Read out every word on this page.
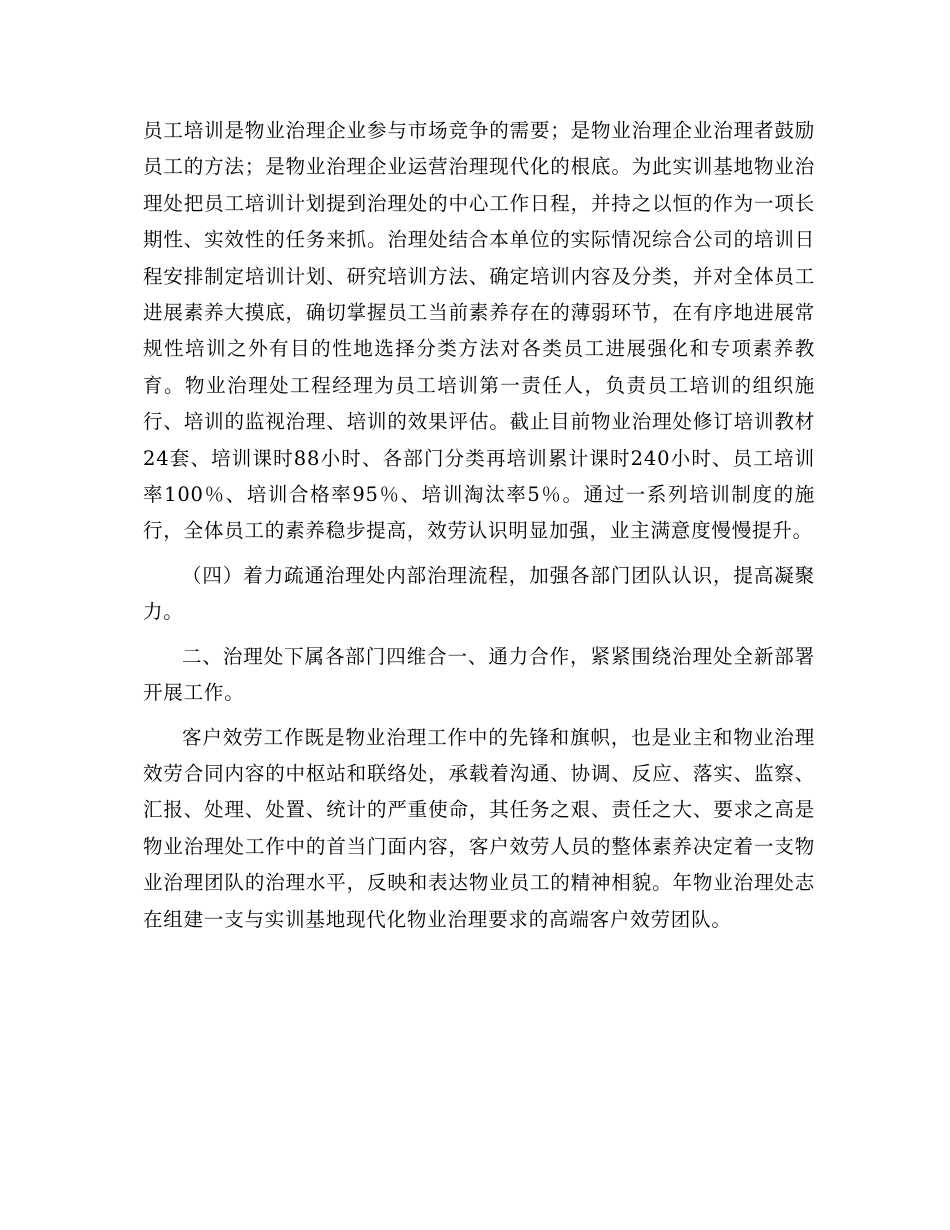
员工培训是物业治理企业参与市场竞争的需要；是物业治理企业治理者鼓励员工的方法；是物业治理企业运营治理现代化的根底。为此实训基地物业治理处把员工培训计划提到治理处的中心工作日程，并持之以恒的作为一项长期性、实效性的任务来抓。治理处结合本单位的实际情况综合公司的培训日程安排制定培训计划、研究培训方法、确定培训内容及分类，并对全体员工进展素养大摸底，确切掌握员工当前素养存在的薄弱环节，在有序地进展常规性培训之外有目的性地选择分类方法对各类员工进展强化和专项素养教育。物业治理处工程经理为员工培训第一责任人，负责员工培训的组织施行、培训的监视治理、培训的效果评估。截止目前物业治理处修订培训教材24套、培训课时88小时、各部门分类再培训累计课时240小时、员工培训率100％、培训合格率95％、培训淘汰率5％。通过一系列培训制度的施行，全体员工的素养稳步提高，效劳认识明显加强，业主满意度慢慢提升。

（四）着力疏通治理处内部治理流程，加强各部门团队认识，提高凝聚力。

二、治理处下属各部门四维合一、通力合作，紧紧围绕治理处全新部署开展工作。

客户效劳工作既是物业治理工作中的先锋和旗帜，也是业主和物业治理效劳合同内容的中枢站和联络处，承载着沟通、协调、反应、落实、监察、汇报、处理、处置、统计的严重使命，其任务之艰、责任之大、要求之高是物业治理处工作中的首当门面内容，客户效劳人员的整体素养决定着一支物业治理团队的治理水平，反映和表达物业员工的精神相貌。年物业治理处志在组建一支与实训基地现代化物业治理要求的高端客户效劳团队。
